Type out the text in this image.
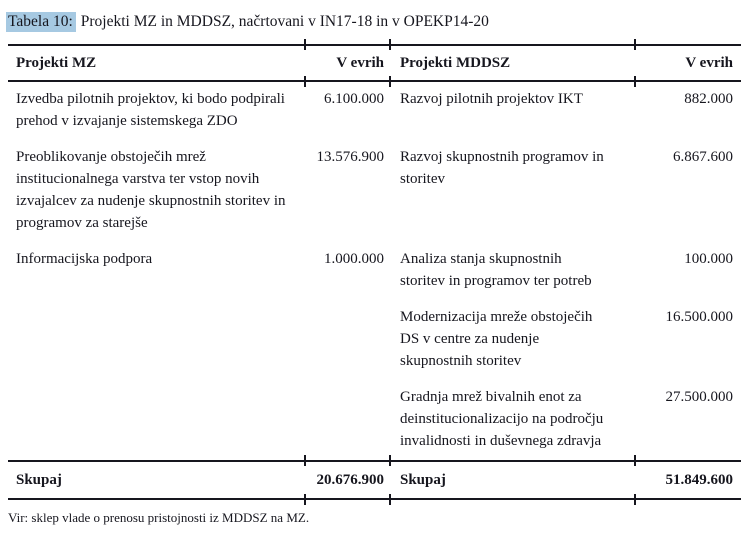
Tabela 10: Projekti MZ in MDDSZ, načrtovani v IN17-18 in v OPEKP14-20
Projekti MZ	V evrih	Projekti MDDSZ	V evrih
Izvedba pilotnih projektov, ki bodo podpirali prehod v izvajanje sistemskega ZDO	6.100.000	Razvoj pilotnih projektov IKT	882.000
Preoblikovanje obstoječih mrež institucionalnega varstva ter vstop novih izvajalcev za nudenje skupnostnih storitev in programov za starejše	13.576.900	Razvoj skupnostnih programov in storitev	6.867.600
Informacijska podpora	1.000.000	Analiza stanja skupnostnih storitev in programov ter potreb	100.000
		Modernizacija mreže obstoječih DS v centre za nudenje skupnostnih storitev	16.500.000
		Gradnja mrež bivalnih enot za deinstitucionalizacijo na področju invalidnosti in duševnega zdravja	27.500.000
Skupaj	20.676.900	Skupaj	51.849.600
Vir: sklep vlade o prenosu pristojnosti iz MDDSZ na MZ.
